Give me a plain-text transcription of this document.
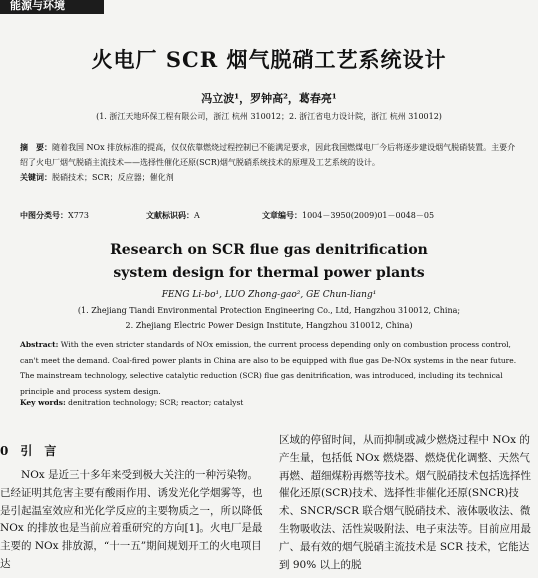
能源与环境
火电厂 SCR 烟气脱硝工艺系统设计
冯立波¹，罗钟高²，葛春亮¹
(1. 浙江天地环保工程有限公司，浙江 杭州 310012；2. 浙江省电力设计院，浙江 杭州 310012)
摘　要：随着我国 NOx 排放标准的提高，仅仅依靠燃烧过程控制已不能满足要求，因此我国燃煤电厂今后将逐步建设烟气脱硝装置。主要介绍了火电厂烟气脱硝主流技术——选择性催化还原(SCR)烟气脱硝系统技术的原理及工艺系统的设计。
关键词：脱硝技术；SCR；反应器；催化剂
中图分类号：X773	文献标识码：A	文章编号：1004－3950(2009)01－0048－05
Research on SCR flue gas denitrification
system design for thermal power plants
FENG Li-bo¹, LUO Zhong-gao², GE Chun-liang¹
(1. Zhejiang Tiandi Environmental Protection Engineering Co., Ltd, Hangzhou 310012, China;
2. Zhejiang Electric Power Design Institute, Hangzhou 310012, China)
Abstract: With the even stricter standards of NOx emission, the current process depending only on combustion process control, can't meet the demand. Coal-fired power plants in China are also to be equipped with flue gas De-NOx systems in the near future. The mainstream technology, selective catalytic reduction (SCR) flue gas denitrification, was introduced, including its technical principle and process system design.
Key words: denitration technology; SCR; reactor; catalyst
0　引　言
NOx 是近三十多年来受到极大关注的一种污染物。已经证明其危害主要有酸雨作用、诱发光化学烟雾等，也是引起温室效应和光化学反应的主要物质之一，所以降低 NOx 的排放也是当前应着重研究的方向[1]。火电厂是最主要的 NOx 排放源，“十一五”期间规划开工的火电项目达
区域的停留时间，从而抑制或减少燃烧过程中 NOx 的产生量，包括低 NOx 燃烧器、燃烧优化调整、天然气再燃、超细煤粉再燃等技术。烟气脱硝技术包括选择性催化还原(SCR)技术、选择性非催化还原(SNCR)技术、SNCR/SCR 联合烟气脱硝技术、液体吸收法、微生物吸收法、活性炭吸附法、电子束法等。目前应用最广、最有效的烟气脱硝主流技术是 SCR 技术，它能达到 90% 以上的脱
